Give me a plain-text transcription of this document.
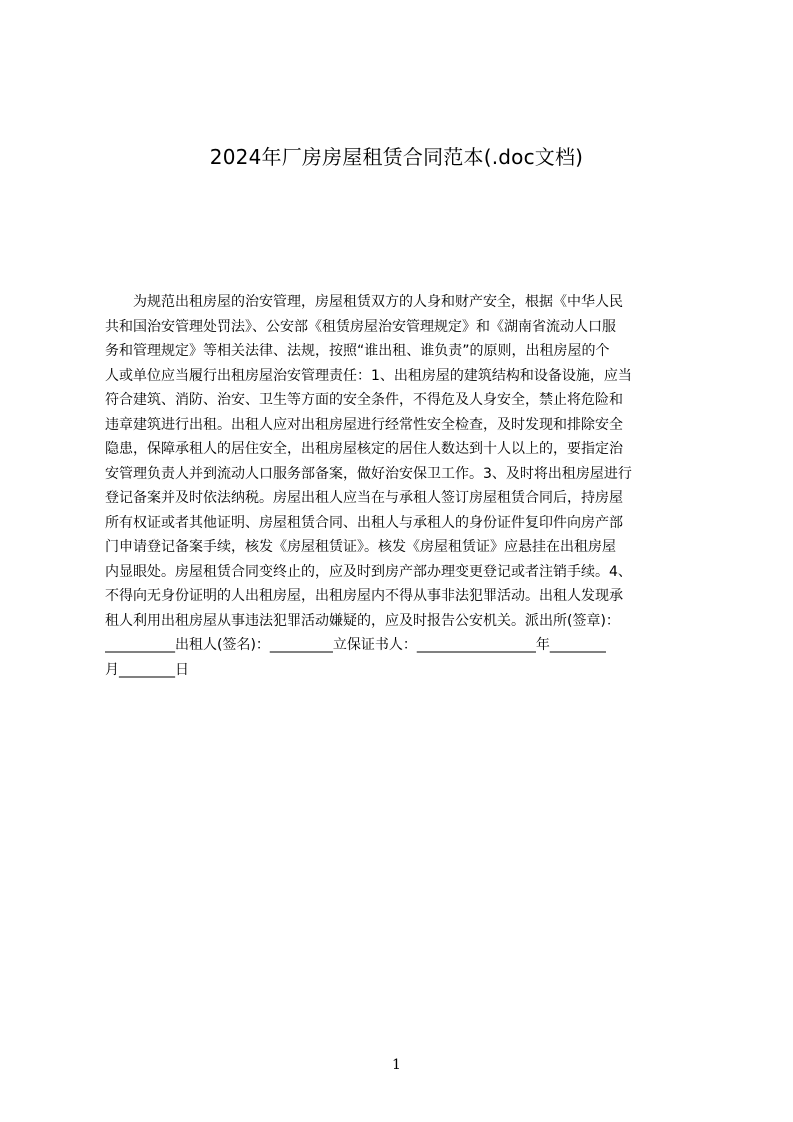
2024年厂房房屋租赁合同范本(.doc文档)
　　为规范出租房屋的治安管理，房屋租赁双方的人身和财产安全，根据《中华人民
共和国治安管理处罚法》、公安部《租赁房屋治安管理规定》和《湖南省流动人口服
务和管理规定》等相关法律、法规，按照“谁出租、谁负责”的原则，出租房屋的个
人或单位应当履行出租房屋治安管理责任：1、出租房屋的建筑结构和设备设施，应当
符合建筑、消防、治安、卫生等方面的安全条件，不得危及人身安全，禁止将危险和
违章建筑进行出租。出租人应对出租房屋进行经常性安全检查，及时发现和排除安全
隐患，保障承租人的居住安全，出租房屋核定的居住人数达到十人以上的，要指定治
安管理负责人并到流动人口服务部备案，做好治安保卫工作。3、及时将出租房屋进行
登记备案并及时依法纳税。房屋出租人应当在与承租人签订房屋租赁合同后，持房屋
所有权证或者其他证明、房屋租赁合同、出租人与承租人的身份证件复印件向房产部
门申请登记备案手续，核发《房屋租赁证》。核发《房屋租赁证》应悬挂在出租房屋
内显眼处。房屋租赁合同变终止的，应及时到房产部办理变更登记或者注销手续。4、
不得向无身份证明的人出租房屋，出租房屋内不得从事非法犯罪活动。出租人发现承
租人利用出租房屋从事违法犯罪活动嫌疑的，应及时报告公安机关。派出所(签章)：
__________出租人(签名)：_________立保证书人：_________________年________
月________日
1
